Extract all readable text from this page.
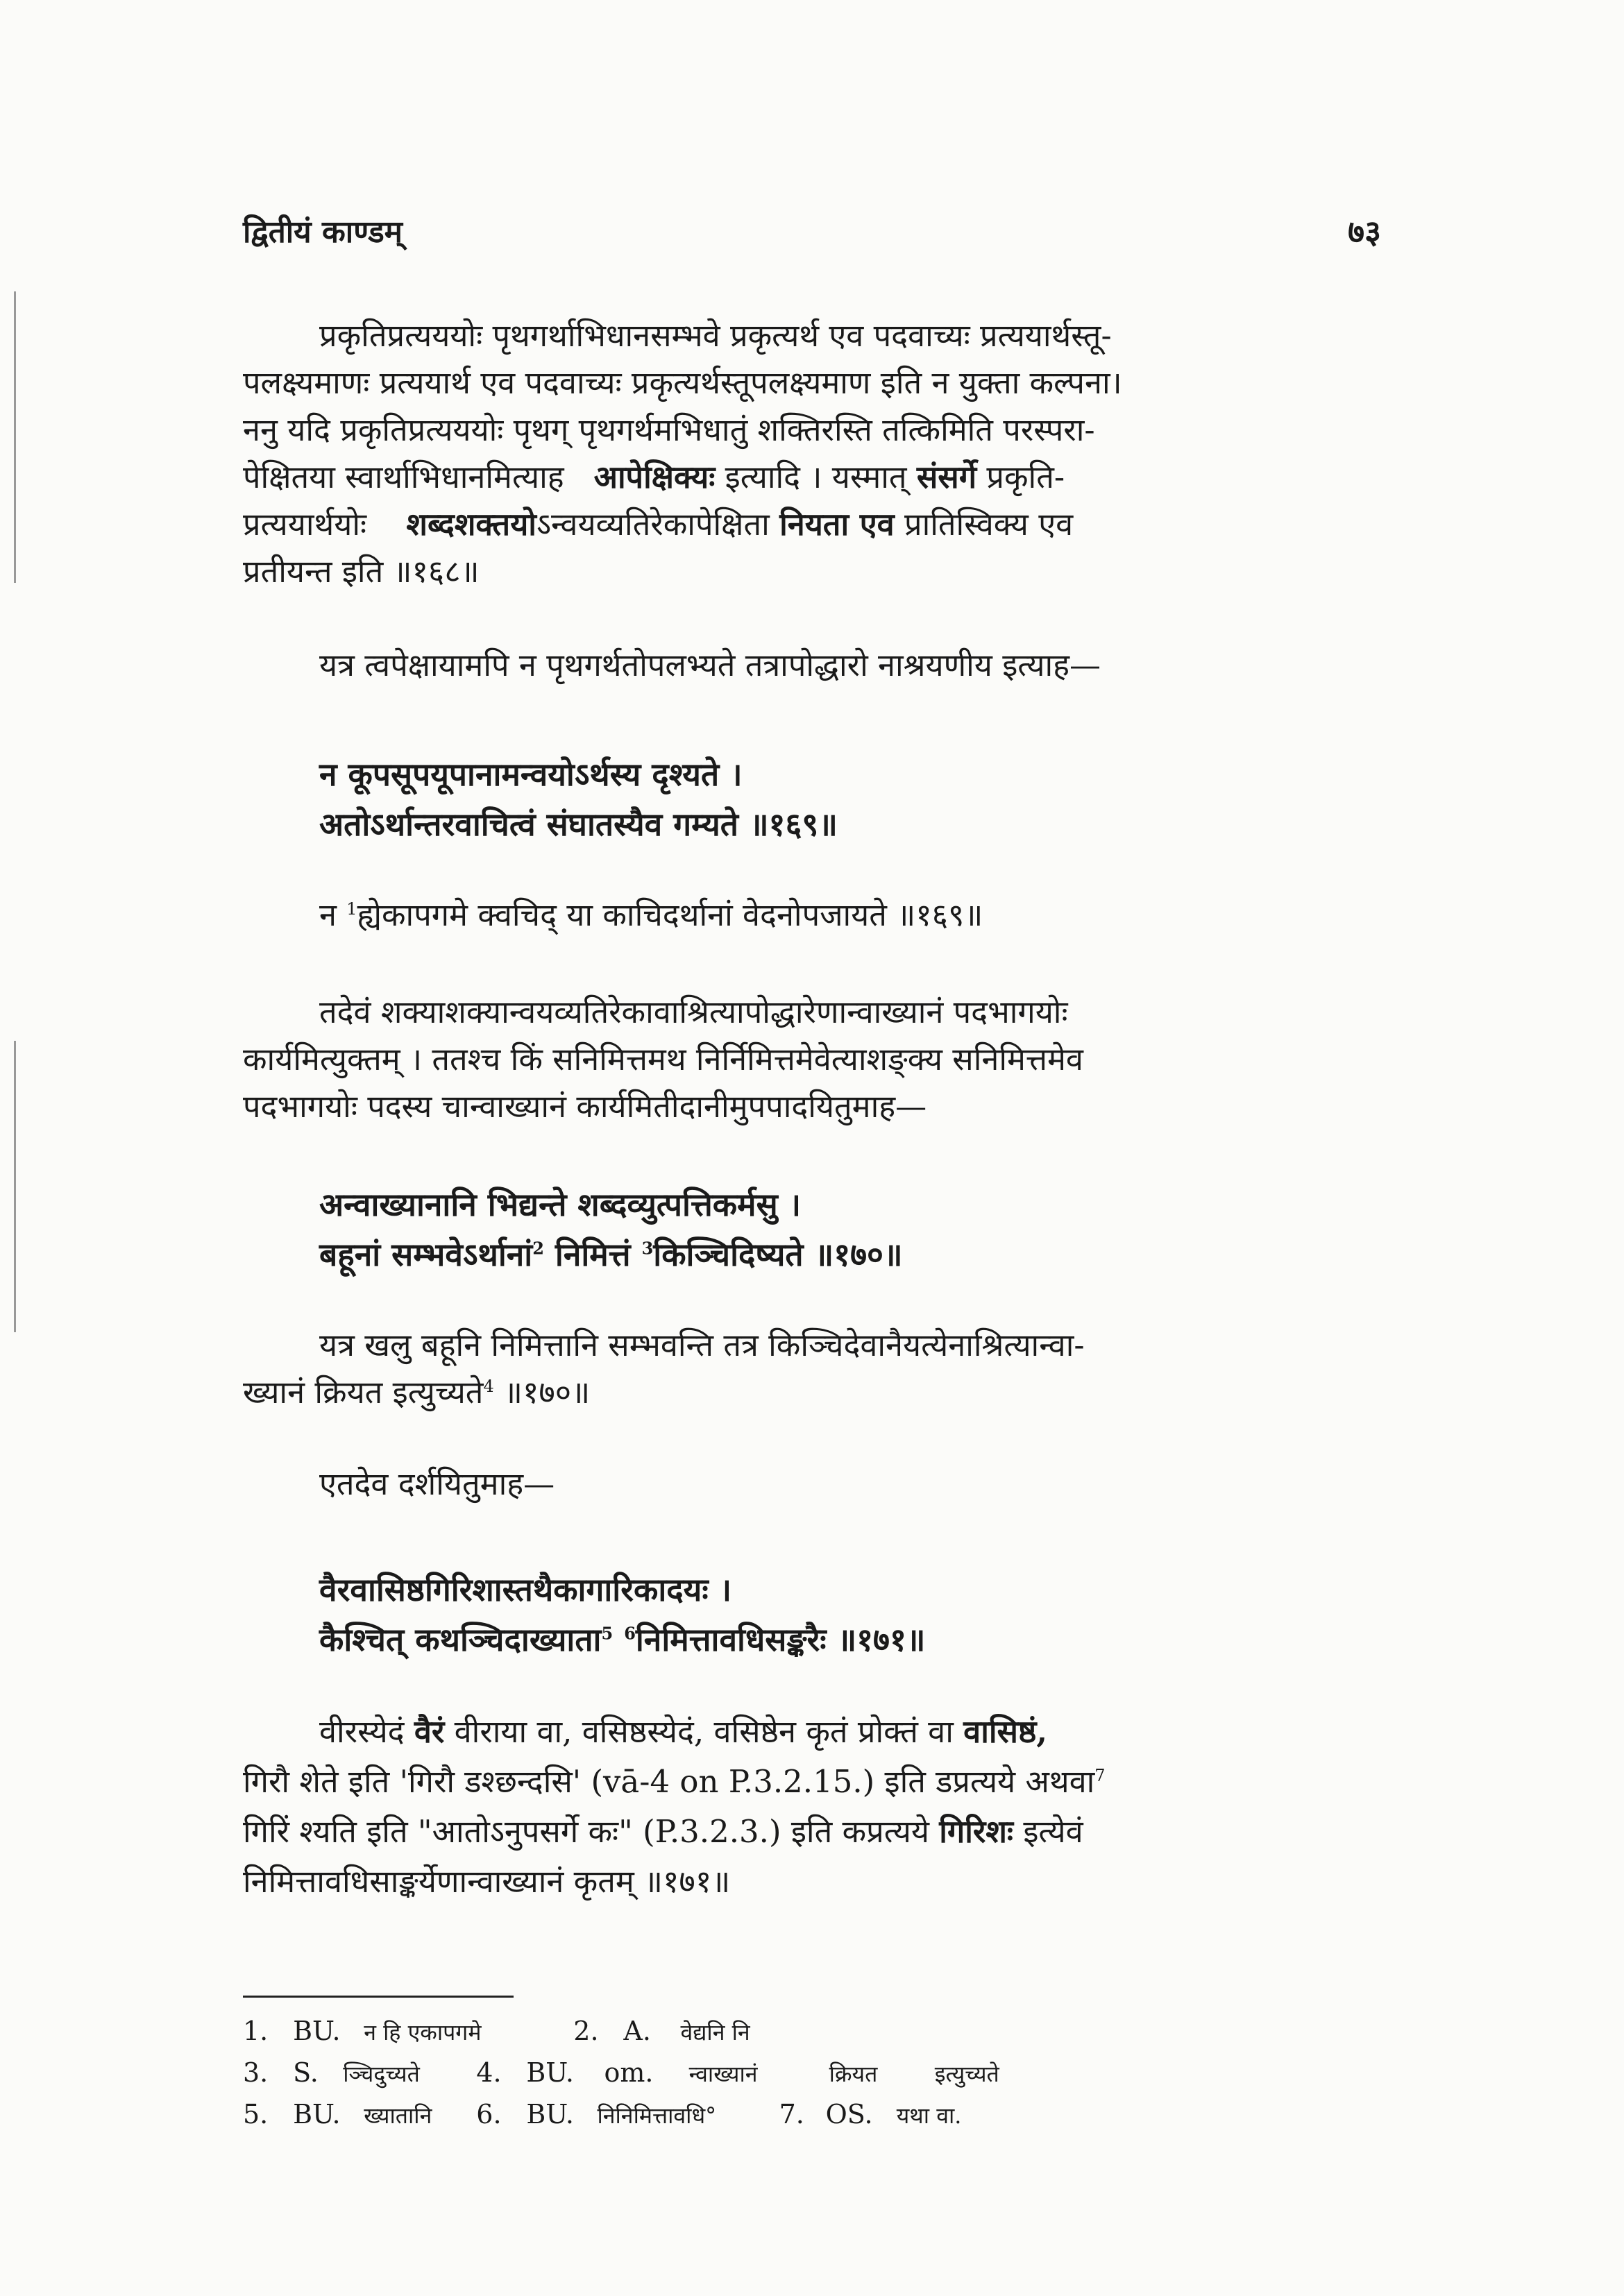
द्वितीयं काण्डम्	७३
प्रकृतिप्रत्यययोः पृथगर्थाभिधानसम्भवे प्रकृत्यर्थ एव पदवाच्यः प्रत्ययार्थस्तू-
पलक्ष्यमाणः प्रत्ययार्थ एव पदवाच्यः प्रकृत्यर्थस्तूपलक्ष्यमाण इति न युक्ता कल्पना।
ननु यदि प्रकृतिप्रत्यययोः पृथग् पृथगर्थमभिधातुं शक्तिरस्ति तत्किमिति परस्परा-
पेक्षितया स्वार्थाभिधानमित्याह आपेक्षिक्यः इत्यादि । यस्मात् संसर्गे प्रकृति-
प्रत्ययार्थयोः शब्दशक्तयोऽन्वयव्यतिरेकापेक्षिता नियता एव प्रातिस्विक्य एव
प्रतीयन्त इति ॥१६८॥
यत्र त्वपेक्षायामपि न पृथगर्थतोपलभ्यते तत्रापोद्धारो नाश्रयणीय इत्याह—
न कूपसूपयूपानामन्वयोऽर्थस्य दृश्यते ।
अतोऽर्थान्तरवाचित्वं संघातस्यैव गम्यते ॥१६९॥
न $^1$ह्येकापगमे क्वचिद् या काचिदर्थानां वेदनोपजायते ॥१६९॥
तदेवं शक्याशक्यान्वयव्यतिरेकावाश्रित्यापोद्धारेणान्वाख्यानं पदभागयोः
कार्यमित्युक्तम् । ततश्च किं सनिमित्तमथ निर्निमित्तमेवेत्याशङ्क्य सनिमित्तमेव
पदभागयोः पदस्य चान्वाख्यानं कार्यमितीदानीमुपपादयितुमाह—
अन्वाख्यानानि भिद्यन्ते शब्दव्युत्पत्तिकर्मसु ।
बहूनां सम्भवेऽर्थानां$^2$ निमित्तं $^3$किञ्चिदिष्यते ॥१७०॥
यत्र खलु बहूनि निमित्तानि सम्भवन्ति तत्र किञ्चिदेवानैयत्येनाश्रित्यान्वा-
ख्यानं क्रियत इत्युच्यते$^4$ ॥१७०॥
एतदेव दर्शयितुमाह—
वैरवासिष्ठगिरिशास्तथैकागारिकादयः ।
कैश्चित् कथञ्चिदाख्याता$^5$ $^6$निमित्तावधिसङ्करैः ॥१७१॥
वीरस्येदं वैरं वीराया वा, वसिष्ठस्येदं, वसिष्ठेन कृतं प्रोक्तं वा वासिष्ठं,
गिरौ शेते इति 'गिरौ डश्छन्दसि' (vā-4 on P.3.2.15.) इति डप्रत्यये अथवा$^7$
गिरिं श्यति इति "आतोऽनुपसर्गे कः" (P.3.2.3.) इति कप्रत्यये गिरिशः इत्येवं
निमित्तावधिसाङ्कर्येणान्वाख्यानं कृतम् ॥१७१॥
1. BU. न हि एकापगमे	2. A. वेद्यनि नि
3. S. ञ्चिदुच्यते 4. BU. om. न्वाख्यानं	क्रियत	इत्युच्यते
5. BU. ख्यातानि 6. BU. निनिमित्तावधि° 7. OS. यथा वा.
